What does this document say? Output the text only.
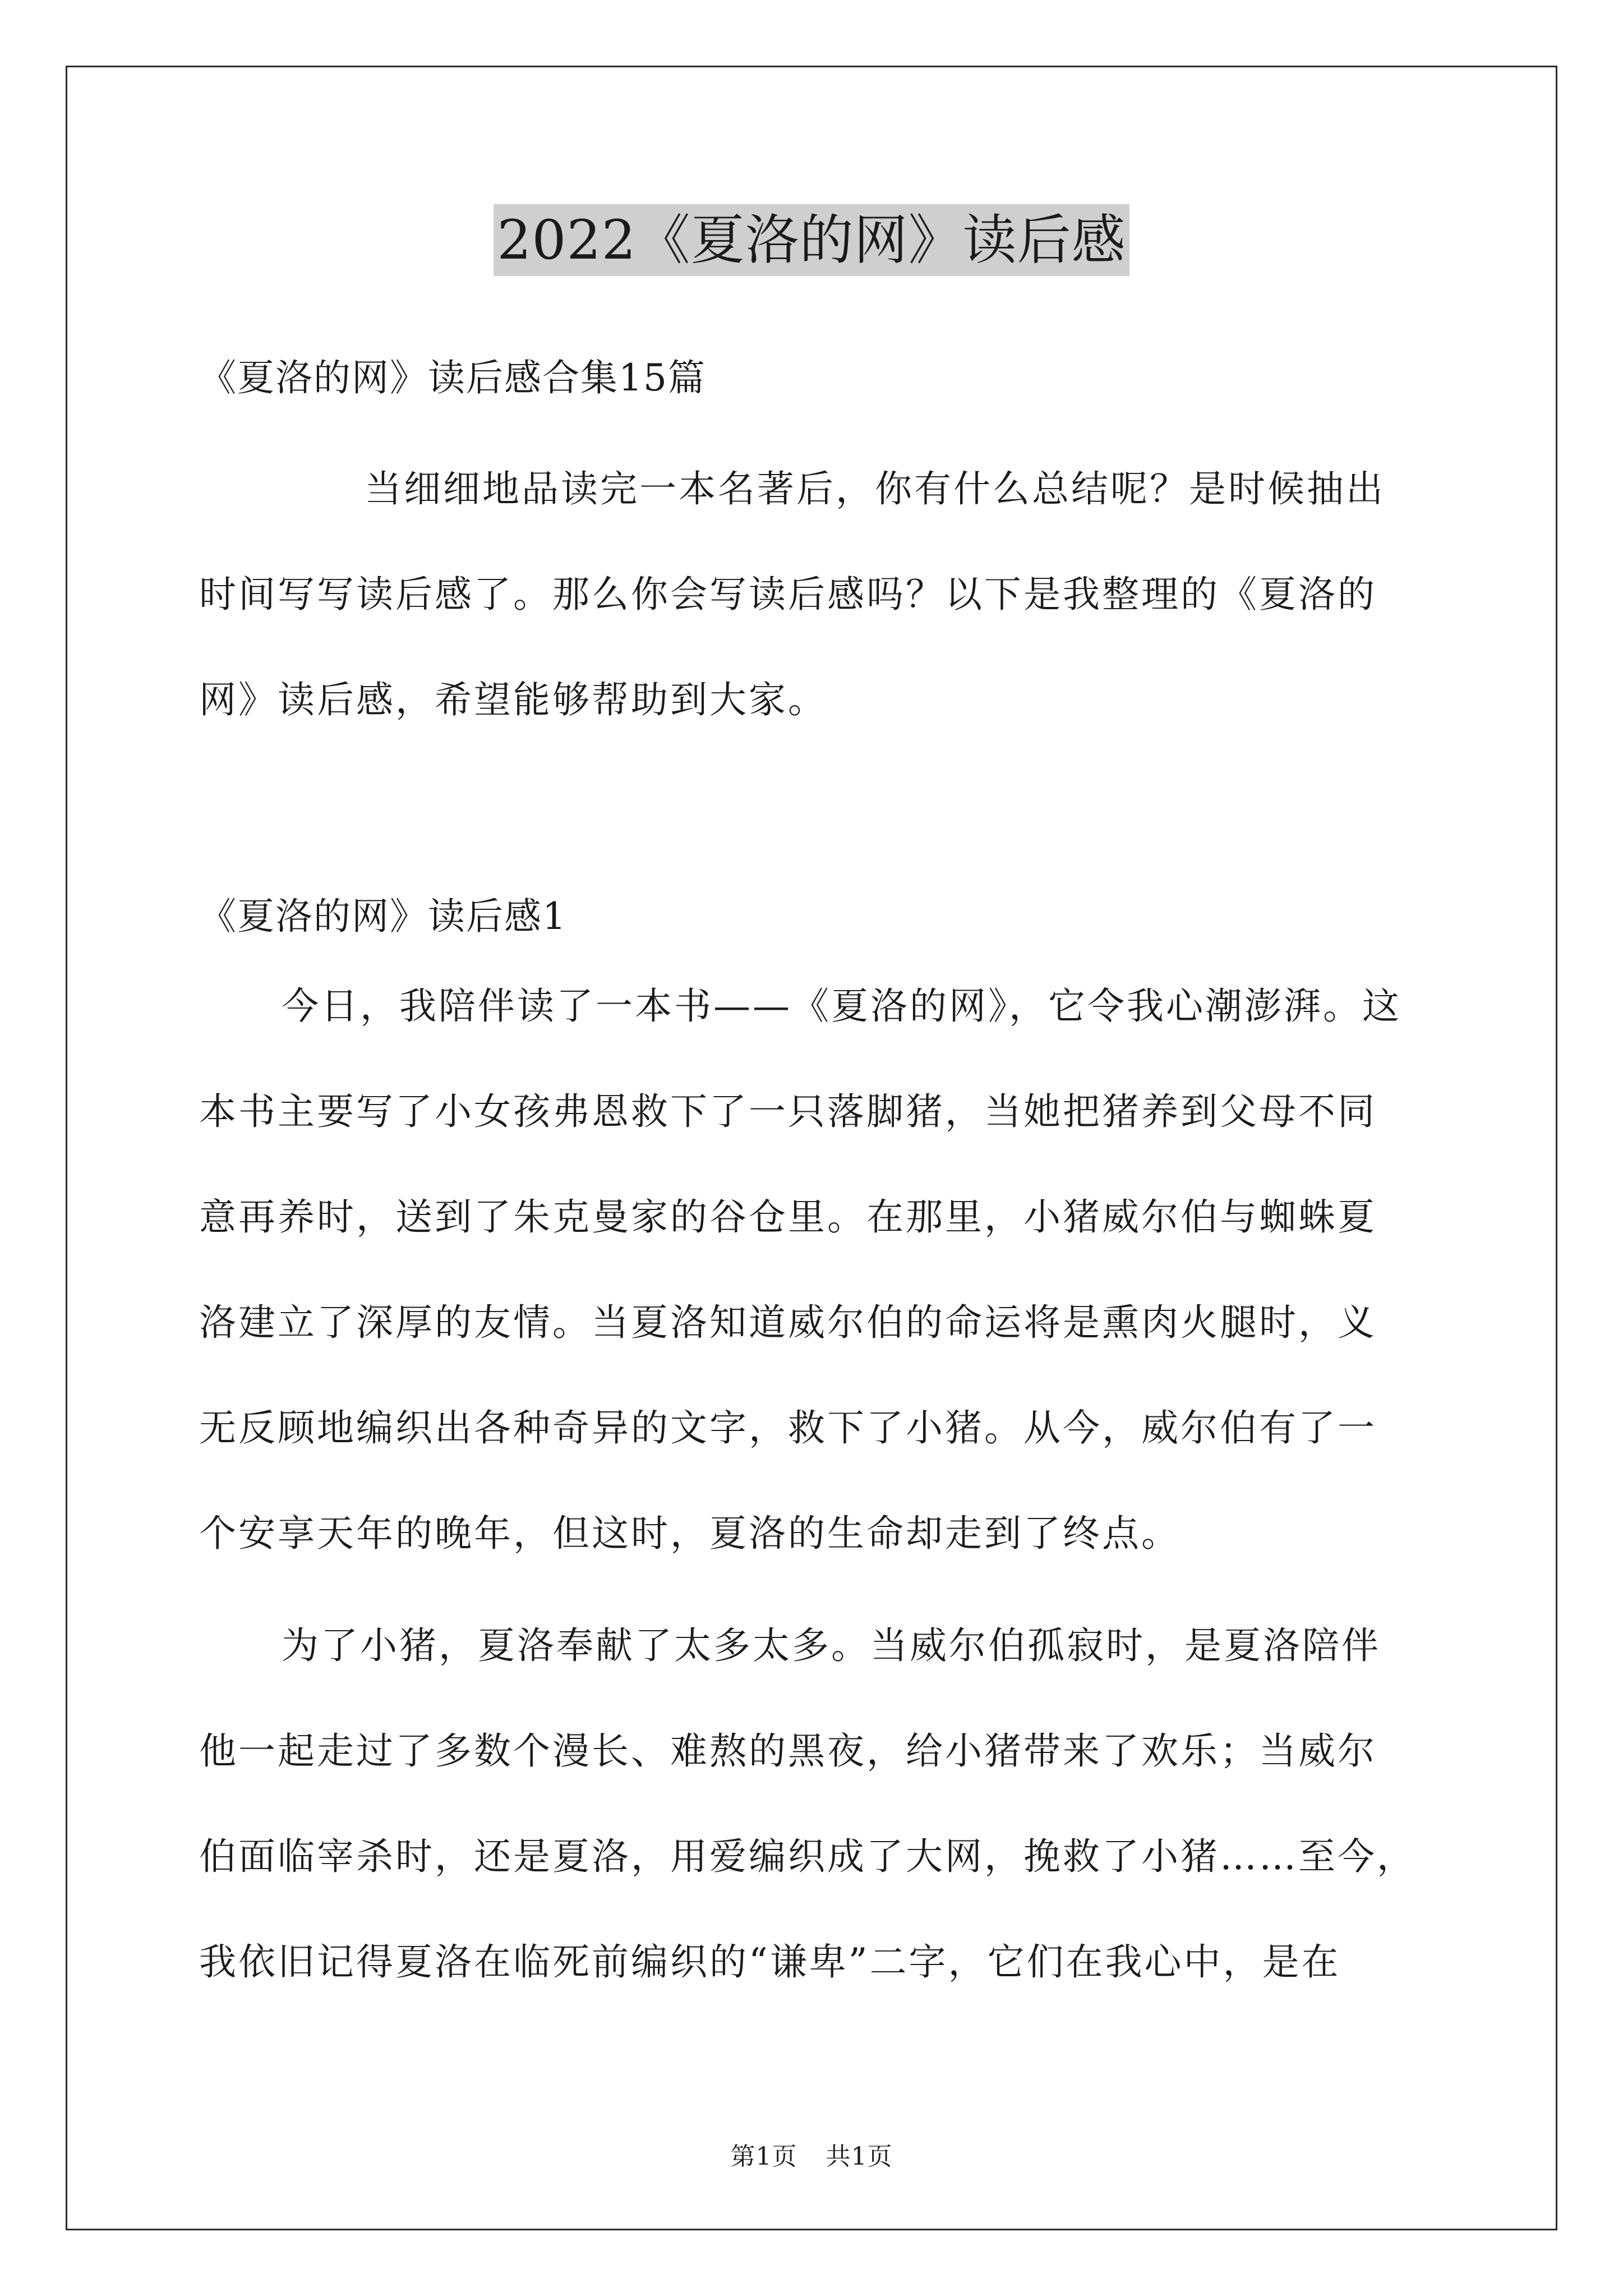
2022《夏洛的网》读后感
《夏洛的网》读后感合集15篇
当细细地品读完一本名著后，你有什么总结呢？是时候抽出
时间写写读后感了。那么你会写读后感吗？以下是我整理的《夏洛的
网》读后感，希望能够帮助到大家。
《夏洛的网》读后感1
今日，我陪伴读了一本书——《夏洛的网》，它令我心潮澎湃。这
本书主要写了小女孩弗恩救下了一只落脚猪，当她把猪养到父母不同
意再养时，送到了朱克曼家的谷仓里。在那里，小猪威尔伯与蜘蛛夏
洛建立了深厚的友情。当夏洛知道威尔伯的命运将是熏肉火腿时，义
无反顾地编织出各种奇异的文字，救下了小猪。从今，威尔伯有了一
个安享天年的晚年，但这时，夏洛的生命却走到了终点。
为了小猪，夏洛奉献了太多太多。当威尔伯孤寂时，是夏洛陪伴
他一起走过了多数个漫长、难熬的黑夜，给小猪带来了欢乐；当威尔
伯面临宰杀时，还是夏洛，用爱编织成了大网，挽救了小猪……至今，
我依旧记得夏洛在临死前编织的“谦卑”二字，它们在我心中，是在
第1页 共1页
